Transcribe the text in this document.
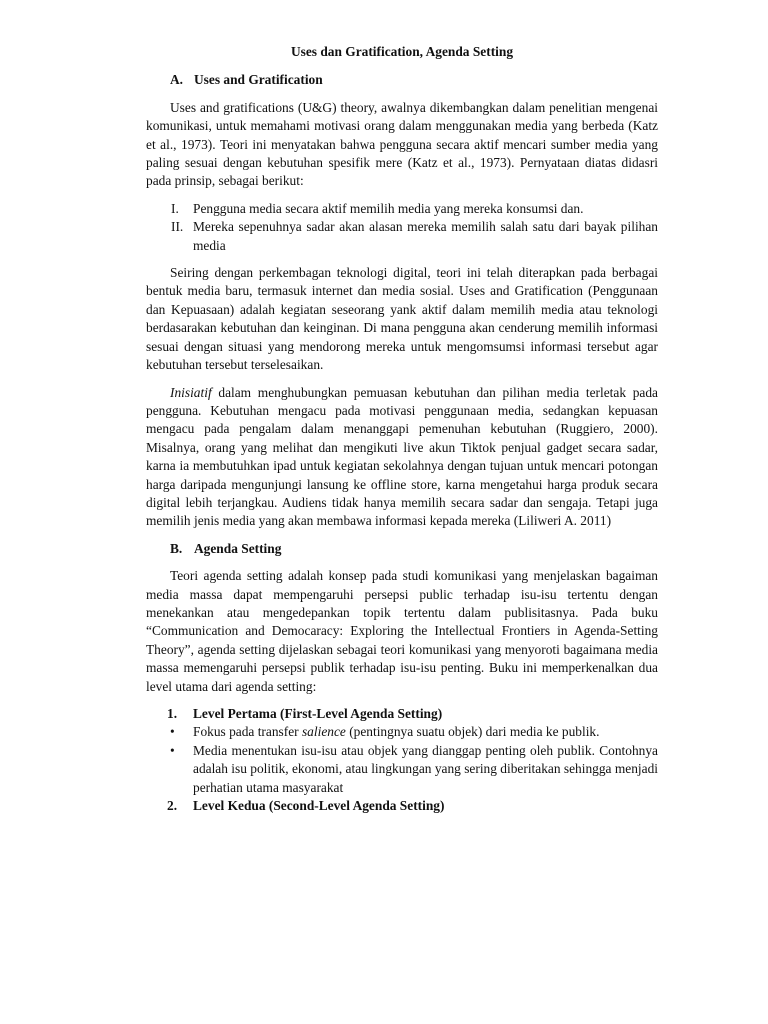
Uses dan Gratification, Agenda Setting
A. Uses and Gratification

Uses and gratifications (U&G) theory, awalnya dikembangkan dalam penelitian mengenai komunikasi, untuk memahami motivasi orang dalam menggunakan media yang berbeda (Katz et al., 1973). Teori ini menyatakan bahwa pengguna secara aktif mencari sumber media yang paling sesuai dengan kebutuhan spesifik mere (Katz et al., 1973). Pernyataan diatas didasri pada prinsip, sebagai berikut:

I.	Pengguna media secara aktif memilih media yang mereka konsumsi dan.
II. Mereka sepenuhnya sadar akan alasan mereka memilih salah satu dari bayak pilihan media

Seiring dengan perkembagan teknologi digital, teori ini telah diterapkan pada berbagai bentuk media baru, termasuk internet dan media sosial. Uses and Gratification (Penggunaan dan Kepuasaan) adalah kegiatan seseorang yank aktif dalam memilih media atau teknologi berdasarakan kebutuhan dan keinginan. Di mana pengguna akan cenderung memilih informasi sesuai dengan situasi yang mendorong mereka untuk mengomsumsi informasi tersebut agar kebutuhan tersebut terselesaikan.

Inisiatif dalam menghubungkan pemuasan kebutuhan dan pilihan media terletak pada pengguna. Kebutuhan mengacu pada motivasi penggunaan media, sedangkan kepuasan mengacu pada pengalam dalam menanggapi pemenuhan kebutuhan (Ruggiero, 2000). Misalnya, orang yang melihat dan mengikuti live akun Tiktok penjual gadget secara sadar, karna ia membutuhkan ipad untuk kegiatan sekolahnya dengan tujuan untuk mencari potongan harga daripada mengunjungi lansung ke offline store, karna mengetahui harga produk secara digital lebih terjangkau. Audiens tidak hanya memilih secara sadar dan sengaja. Tetapi juga memilih jenis media yang akan membawa informasi kepada mereka (Liliweri A. 2011)

B. Agenda Setting

Teori agenda setting adalah konsep pada studi komunikasi yang menjelaskan bagaiman media massa dapat mempengaruhi persepsi public terhadap isu-isu tertentu dengan menekankan atau mengedepankan topik tertentu dalam publisitasnya. Pada buku “Communication and Democaracy: Exploring the Intellectual Frontiers in Agenda-Setting Theory”, agenda setting dijelaskan sebagai teori komunikasi yang menyoroti bagaimana media massa memengaruhi persepsi publik terhadap isu-isu penting. Buku ini memperkenalkan dua level utama dari agenda setting:

1.	Level Pertama (First-Level Agenda Setting)
•	Fokus pada transfer salience (pentingnya suatu objek) dari media ke publik.
•	Media menentukan isu-isu atau objek yang dianggap penting oleh publik. Contohnya adalah isu politik, ekonomi, atau lingkungan yang sering diberitakan sehingga menjadi perhatian utama masyarakat
2.	Level Kedua (Second-Level Agenda Setting)
